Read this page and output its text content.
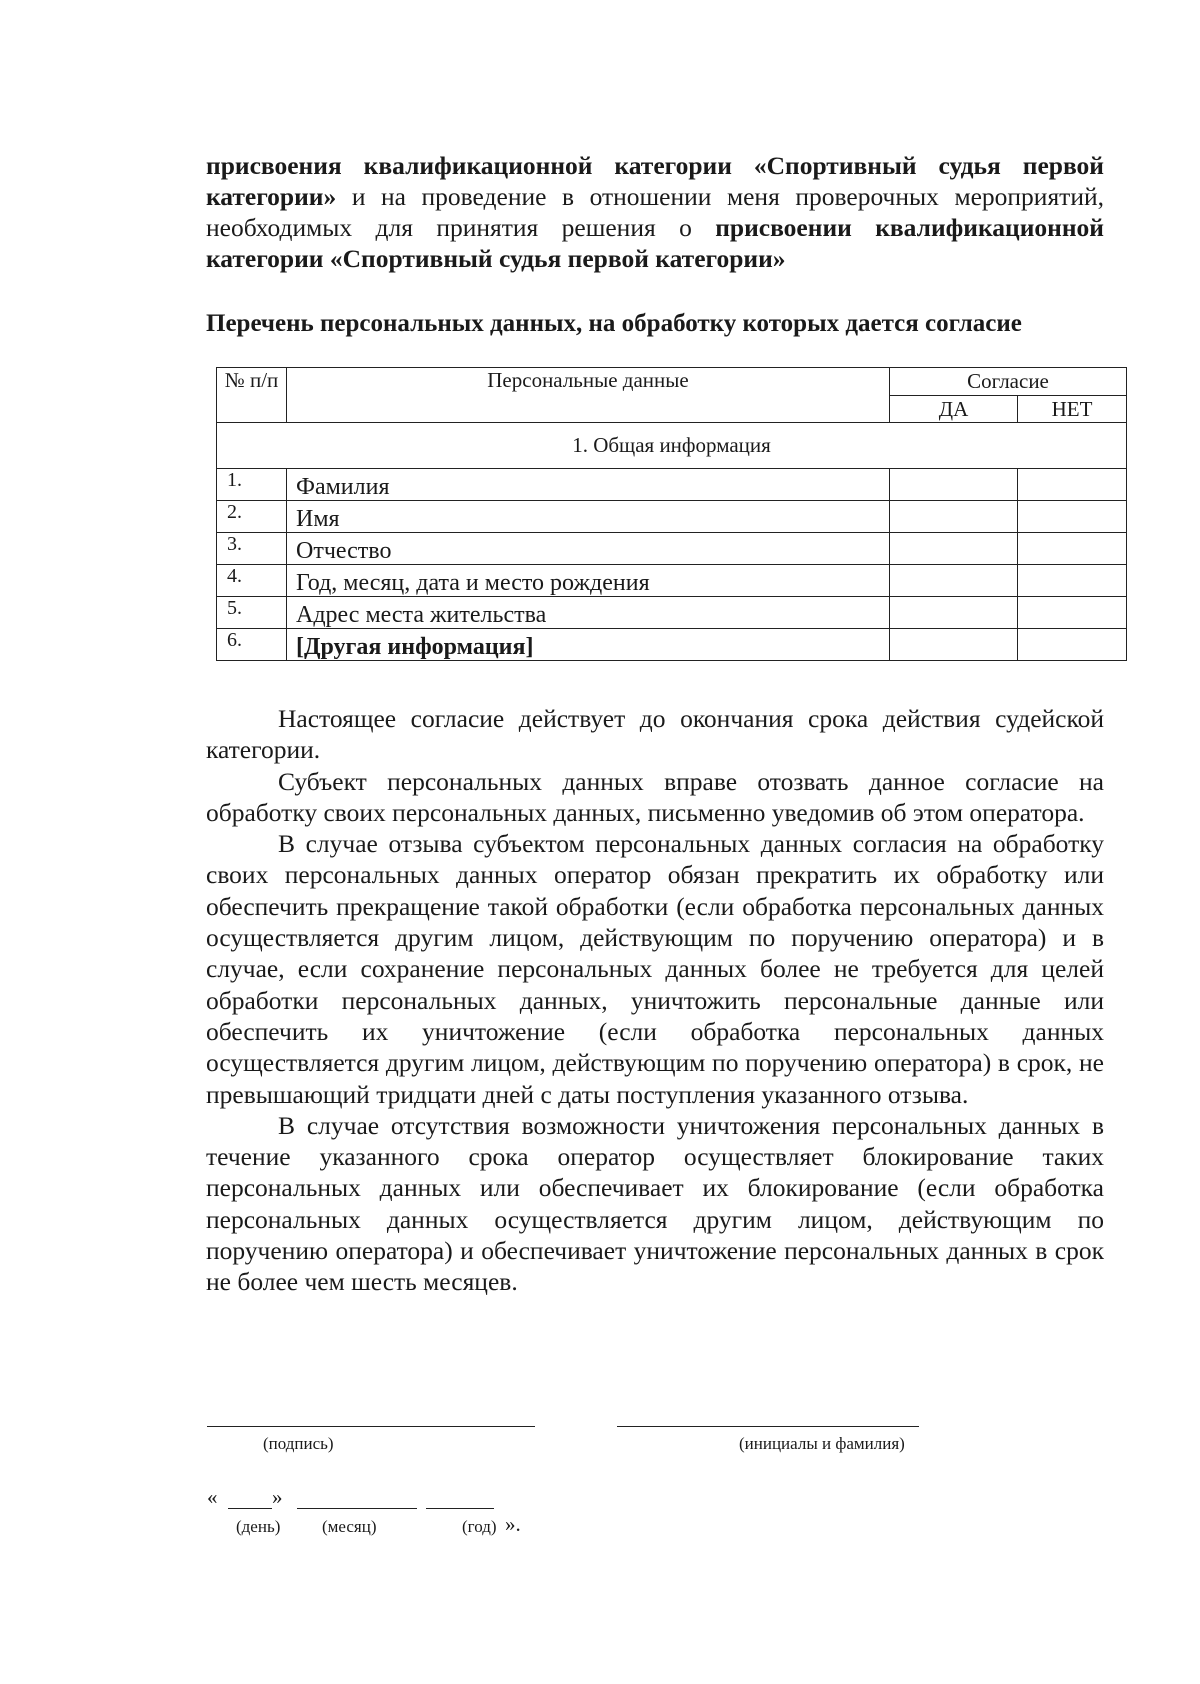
присвоения квалификационной категории «Спортивный судья первой категории» и на проведение в отношении меня проверочных мероприятий, необходимых для принятия решения о присвоении квалификационной категории «Спортивный судья первой категории»
Перечень персональных данных, на обработку которых дается согласие
№ п/п	Персональные данные	Согласие	
		ДА	НЕТ
1. Общая информация			
1.	Фамилия		
2.	Имя		
3.	Отчество		
4.	Год, месяц, дата и место рождения		
5.	Адрес места жительства		
6.	[Другая информация]		

Настоящее согласие действует до окончания срока действия судейской категории.

Субъект персональных данных вправе отозвать данное согласие на обработку своих персональных данных, письменно уведомив об этом оператора.

В случае отзыва субъектом персональных данных согласия на обработку своих персональных данных оператор обязан прекратить их обработку или обеспечить прекращение такой обработки (если обработка персональных данных осуществляется другим лицом, действующим по поручению оператора) и в случае, если сохранение персональных данных более не требуется для целей обработки персональных данных, уничтожить персональные данные или обеспечить их уничтожение (если обработка персональных данных осуществляется другим лицом, действующим по поручению оператора) в срок, не превышающий тридцати дней с даты поступления указанного отзыва.

В случае отсутствия возможности уничтожения персональных данных в течение указанного срока оператор осуществляет блокирование таких персональных данных или обеспечивает их блокирование (если обработка персональных данных осуществляется другим лицом, действующим по поручению оператора) и обеспечивает уничтожение персональных данных в срок не более чем шесть месяцев.

(подпись)	(инициалы и фамилия)
«	»
(день) (месяц)	(год) ».
